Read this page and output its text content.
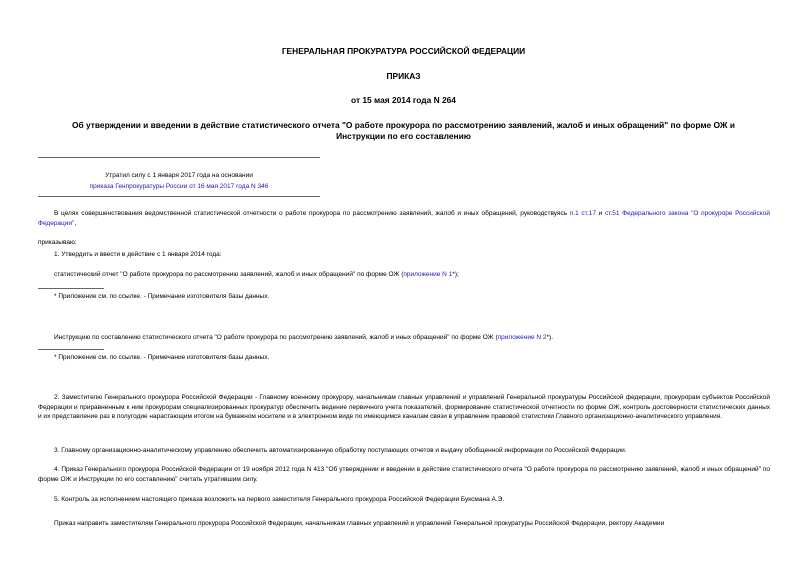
ГЕНЕРАЛЬНАЯ ПРОКУРАТУРА РОССИЙСКОЙ ФЕДЕРАЦИИ
ПРИКАЗ
от 15 мая 2014 года N 264
Об утверждении и введении в действие статистического отчета "О работе прокурора по рассмотрению заявлений, жалоб и иных обращений" по форме ОЖ и
Инструкции по его составлению
Утратил силу с 1 января 2017 года на основании
приказа Генпрокуратуры России от 16 мая 2017 года N 346
В целях совершенствования ведомственной статистической отчетности о работе прокурора по рассмотрению заявлений, жалоб и иных обращений, руководствуясь п.1 ст.17 и ст.51 Федерального закона "О прокуроре Российской Федерации",
приказываю:
1. Утвердить и ввести в действие с 1 января 2014 года:
статистический отчет "О работе прокурора по рассмотрению заявлений, жалоб и иных обращений" по форме ОЖ (приложение N 1*);
* Приложение см. по ссылке. - Примечание изготовителя базы данных.
Инструкцию по составлению статистического отчета "О работе прокурора по рассмотрению заявлений, жалоб и иных обращений" по форме ОЖ (приложение N 2*).
* Приложение см. по ссылке. - Примечание изготовителя базы данных.
2. Заместителю Генерального прокурора Российской Федерации - Главному военному прокурору, начальникам главных управлений и управлений Генеральной прокуратуры Российской федерации, прокурорам субъектов Российской Федерации и приравненным к ним прокурорам специализированных прокуратур обеспечить ведение первичного учета показателей, формирование статистической отчетности по форме ОЖ, контроль достоверности статистических данных и их представление раз в полугодие нарастающим итогом на бумажном носителе и в электронном виде по имеющимся каналам связи в управление правовой статистики Главного организационно-аналитического управления.
3. Главному организационно-аналитическому управлению обеспечить автоматизированную обработку поступающих отчетов и выдачу обобщенной информации по Российской Федерации.
4. Приказ Генерального прокурора Российской Федерации от 19 ноября 2012 года N 413 "Об утверждении и введении в действие статистического отчета "О работе прокурора по рассмотрению заявлений, жалоб и иных обращений" по форме ОЖ и Инструкции по его составлению" считать утратившим силу.
5. Контроль за исполнением настоящего приказа возложить на первого заместителя Генерального прокурора Российской Федерации Буксмана А.Э.
Приказ направить заместителям Генерального прокурора Российской Федерации, начальникам главных управлений и управлений Генеральной прокуратуры Российской Федерации, ректору Академии
